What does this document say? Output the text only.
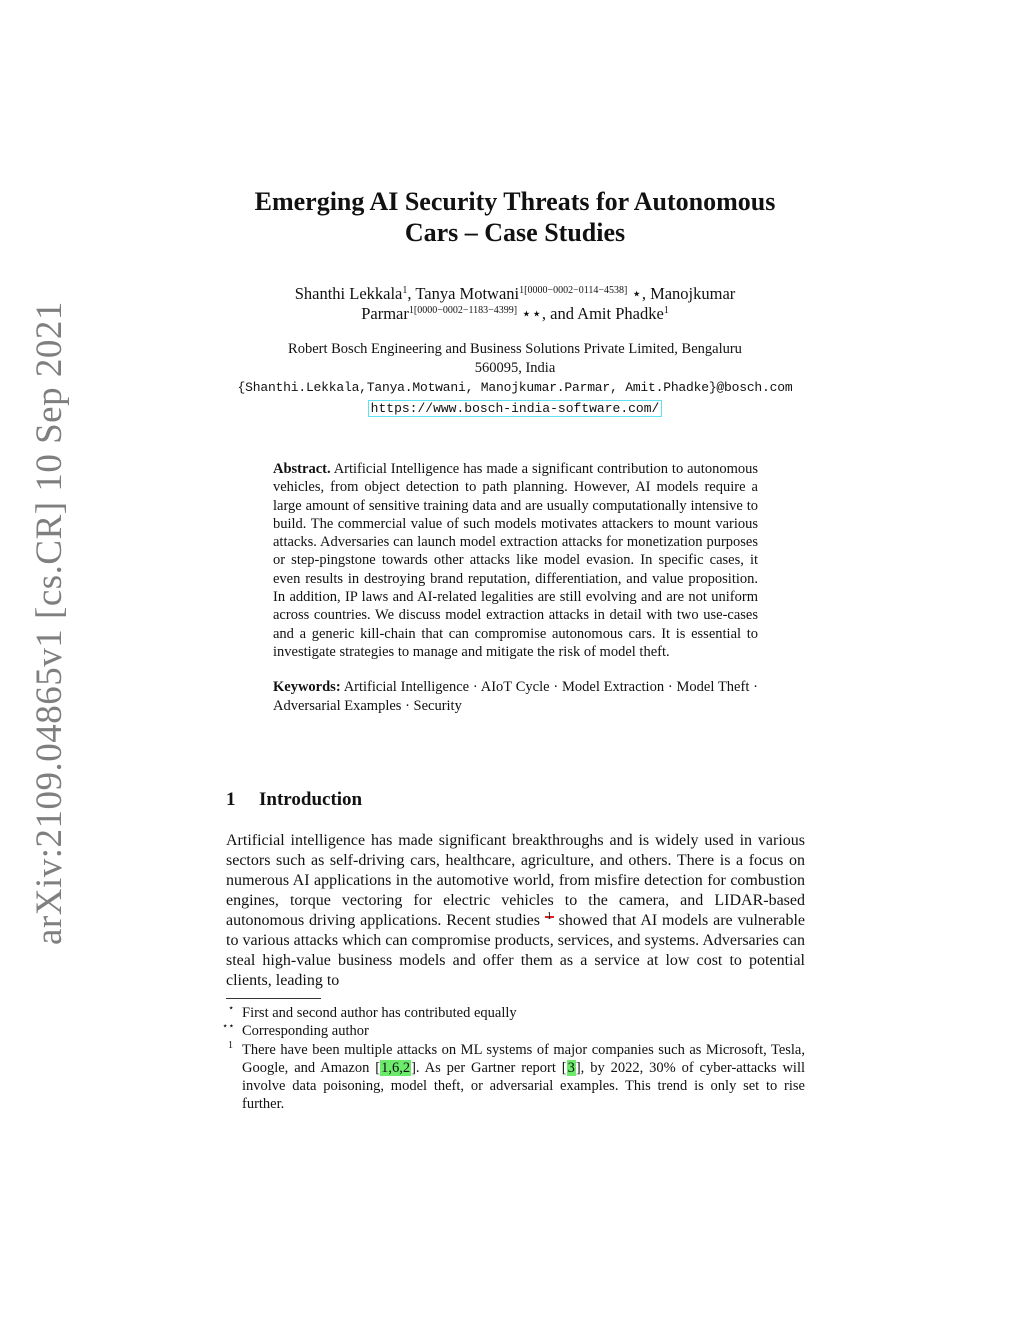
arXiv:2109.04865v1 [cs.CR] 10 Sep 2021
Emerging AI Security Threats for Autonomous
Cars – Case Studies
Shanthi Lekkala$^1$, Tanya Motwani$^{1[0000-0002-0114-4538]}$ ⋆, Manojkumar
Parmar$^{1[0000-0002-1183-4399]}$ ⋆⋆, and Amit Phadke$^1$
Robert Bosch Engineering and Business Solutions Private Limited, Bengaluru
560095, India
{Shanthi.Lekkala,Tanya.Motwani, Manojkumar.Parmar, Amit.Phadke}@bosch.com
https://www.bosch-india-software.com/

Abstract. Artificial Intelligence has made a significant contribution to autonomous vehicles, from object detection to path planning. However, AI models require a large amount of sensitive training data and are usually computationally intensive to build. The commercial value of such models motivates attackers to mount various attacks. Adversaries can launch model extraction attacks for monetization purposes or step-pingstone towards other attacks like model evasion. In specific cases, it even results in destroying brand reputation, differentiation, and value proposition. In addition, IP laws and AI-related legalities are still evolving and are not uniform across countries. We discuss model extraction attacks in detail with two use-cases and a generic kill-chain that can compromise autonomous cars. It is essential to investigate strategies to manage and mitigate the risk of model theft.

Keywords: Artificial Intelligence · AIoT Cycle · Model Extraction · Model Theft · Adversarial Examples · Security

1 Introduction

Artificial intelligence has made significant breakthroughs and is widely used in various sectors such as self-driving cars, healthcare, agriculture, and others. There is a focus on numerous AI applications in the automotive world, from misfire detection for combustion engines, torque vectoring for electric vehicles to the camera, and LIDAR-based autonomous driving applications. Recent studies $^1$ showed that AI models are vulnerable to various attacks which can compromise products, services, and systems. Adversaries can steal high-value business models and offer them as a service at low cost to potential clients, leading to

⋆ First and second author has contributed equally
⋆⋆ Corresponding author
1 There have been multiple attacks on ML systems of major companies such as Microsoft, Tesla, Google, and Amazon [1,6,2]. As per Gartner report [3], by 2022, 30% of cyber-attacks will involve data poisoning, model theft, or adversarial examples. This trend is only set to rise further.
